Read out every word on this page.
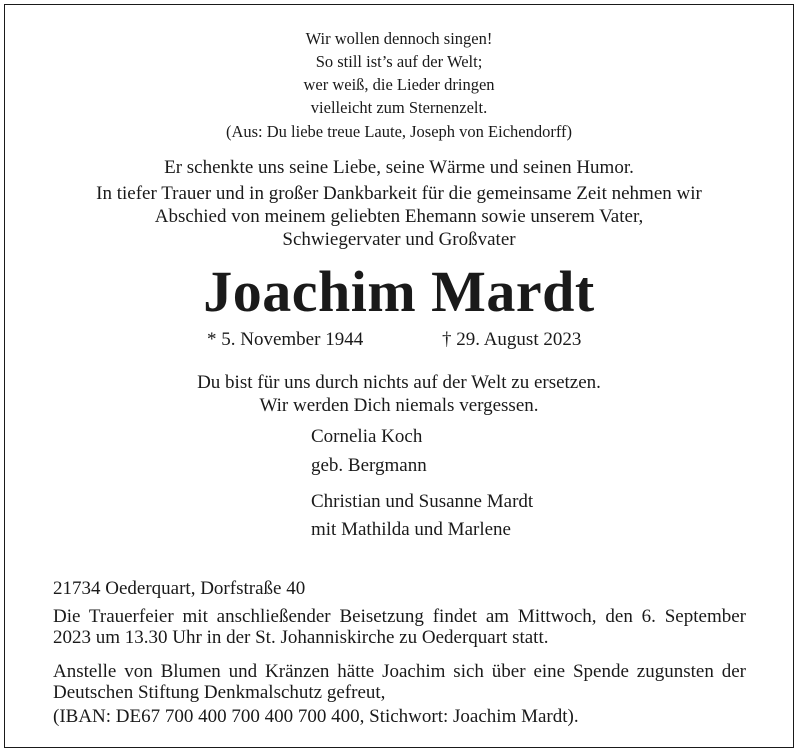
Wir wollen dennoch singen!
So still ist’s auf der Welt;
wer weiß, die Lieder dringen
vielleicht zum Sternenzelt.
(Aus: Du liebe treue Laute, Joseph von Eichendorff)
Er schenkte uns seine Liebe, seine Wärme und seinen Humor.
In tiefer Trauer und in großer Dankbarkeit für die gemeinsame Zeit nehmen wir
Abschied von meinem geliebten Ehemann sowie unserem Vater,
Schwiegervater und Großvater
Joachim Mardt
* 5. November 1944	† 29. August 2023
Du bist für uns durch nichts auf der Welt zu ersetzen.
Wir werden Dich niemals vergessen.
Cornelia Koch
geb. Bergmann
Christian und Susanne Mardt
mit Mathilda und Marlene
21734 Oederquart, Dorfstraße 40
Die Trauerfeier mit anschließender Beisetzung findet am Mittwoch, den 6. September 2023 um 13.30 Uhr in der St. Johanniskirche zu Oederquart statt.
Anstelle von Blumen und Kränzen hätte Joachim sich über eine Spende zugunsten der Deutschen Stiftung Denkmalschutz gefreut,
(IBAN: DE67 700 400 700 400 700 400, Stichwort: Joachim Mardt).
